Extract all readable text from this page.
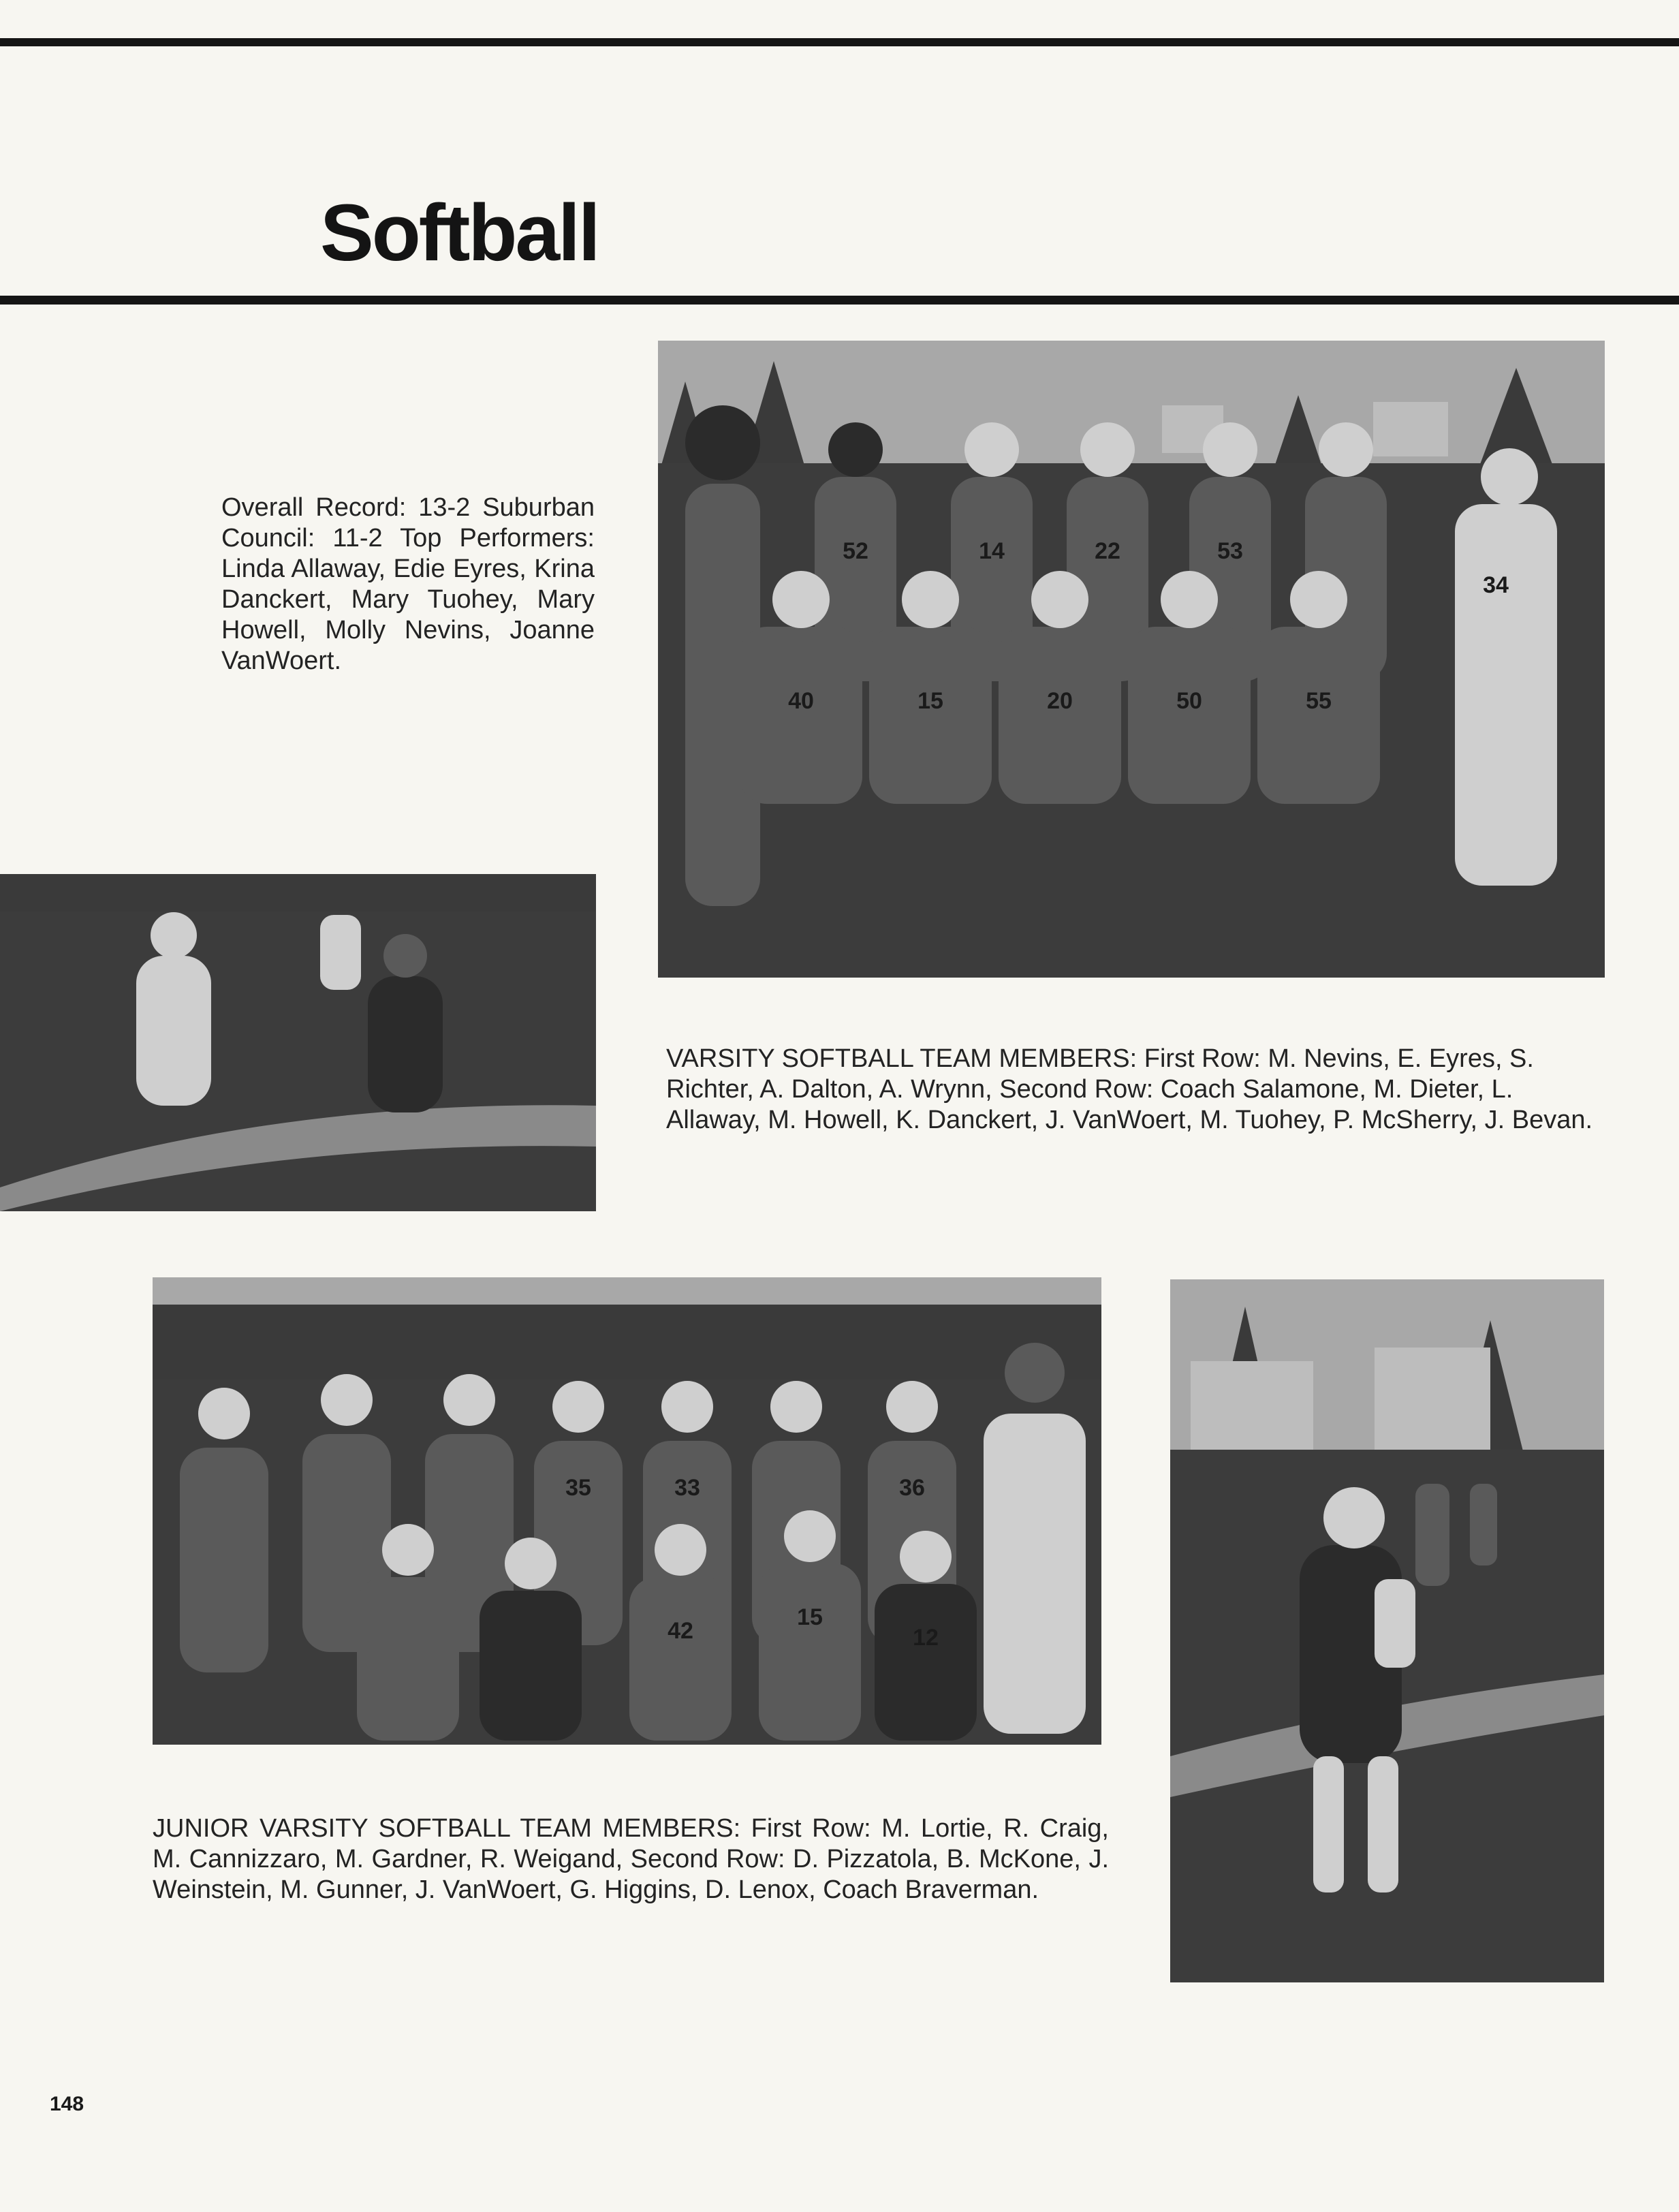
Softball

Overall Record: 13-2 Suburban Council: 11-2 Top Performers: Linda Allaway, Edie Eyres, Krina Danckert, Mary Tuohey, Mary Howell, Molly Nevins, Joanne VanWoert.

52	14	22	53
34
40	15	20	50	55

VARSITY SOFTBALL TEAM MEMBERS: First Row: M. Nevins, E. Eyres, S. Richter, A. Dalton, A. Wrynn, Second Row: Coach Salamone, M. Dieter, L. Allaway, M. Howell, K. Danckert, J. VanWoert, M. Tuohey, P. McSherry, J. Bevan.

35	33	36
42
15
12

JUNIOR VARSITY SOFTBALL TEAM MEMBERS: First Row: M. Lortie, R. Craig, M. Cannizzaro, M. Gardner, R. Weigand, Second Row: D. Pizzatola, B. McKone, J. Weinstein, M. Gunner, J. VanWoert, G. Higgins, D. Lenox, Coach Braverman.

148
